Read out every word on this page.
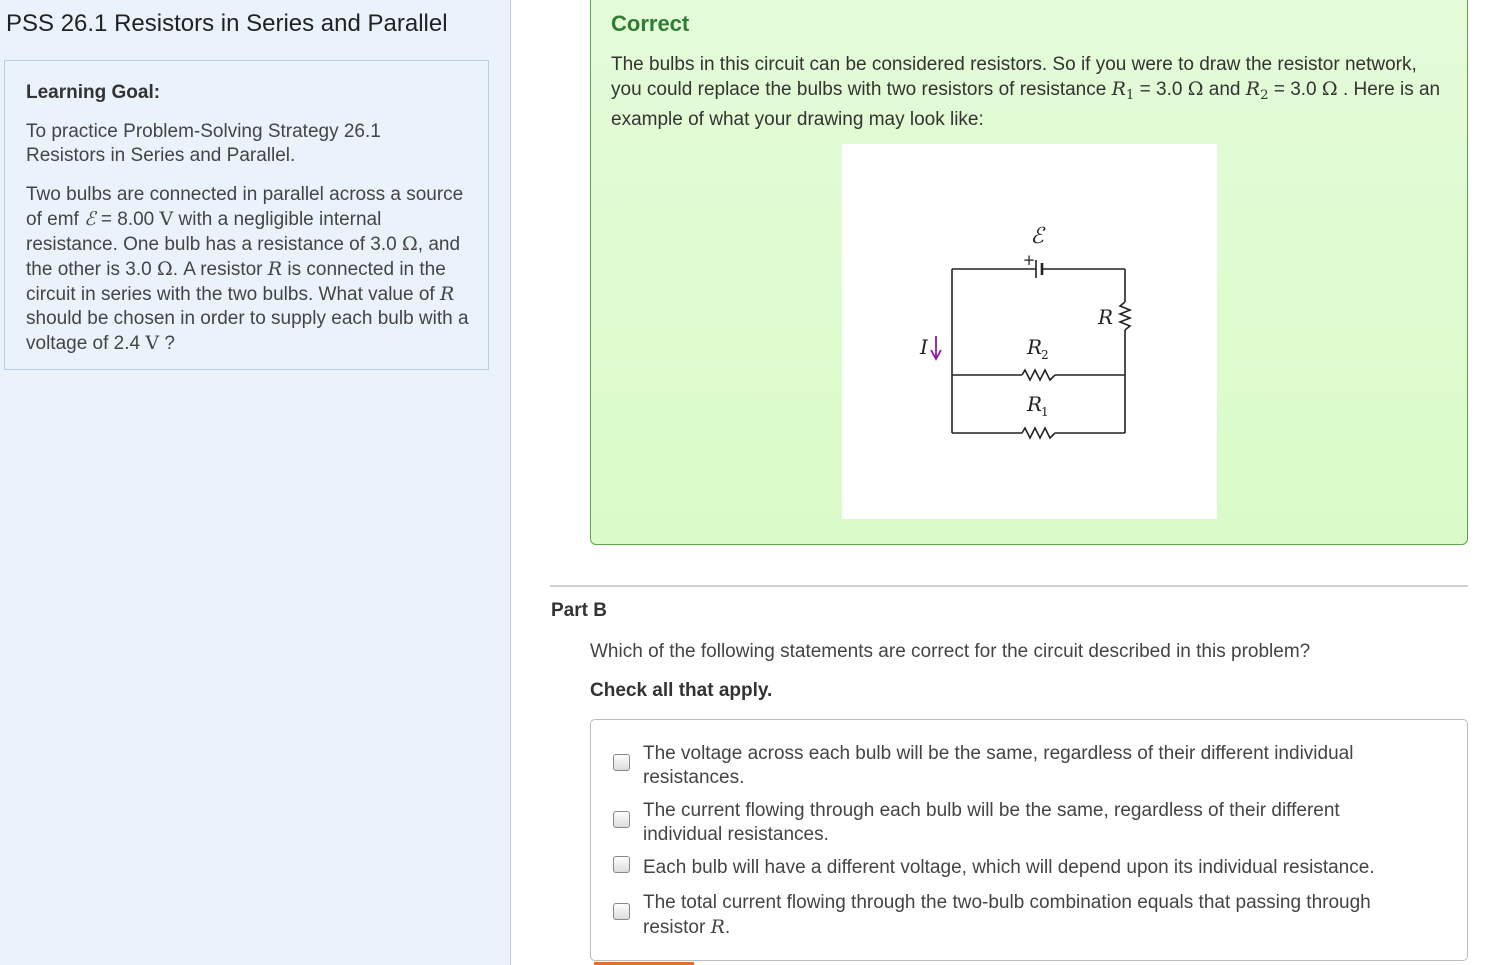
PSS 26.1 Resistors in Series and Parallel
Learning Goal:
To practice Problem-Solving Strategy 26.1 Resistors in Series and Parallel.
Two bulbs are connected in parallel across a source of emf ℰ = 8.00 V with a negligible internal resistance. One bulb has a resistance of 3.0 Ω, and the other is 3.0 Ω. A resistor R is connected in the circuit in series with the two bulbs. What value of R should be chosen in order to supply each bulb with a voltage of 2.4 V ?
Correct
The bulbs in this circuit can be considered resistors. So if you were to draw the resistor network, you could replace the bulbs with two resistors of resistance $R_1 = 3.0$ Ω and $R_2 = 3.0$ Ω . Here is an example of what your drawing may look like:
ℰ
+
I
R
R
2
R
1
Part B
Which of the following statements are correct for the circuit described in this problem?
Check all that apply.
The voltage across each bulb will be the same, regardless of their different individual resistances.
The current flowing through each bulb will be the same, regardless of their different individual resistances.
Each bulb will have a different voltage, which will depend upon its individual resistance.
The total current flowing through the two-bulb combination equals that passing through resistor R.
